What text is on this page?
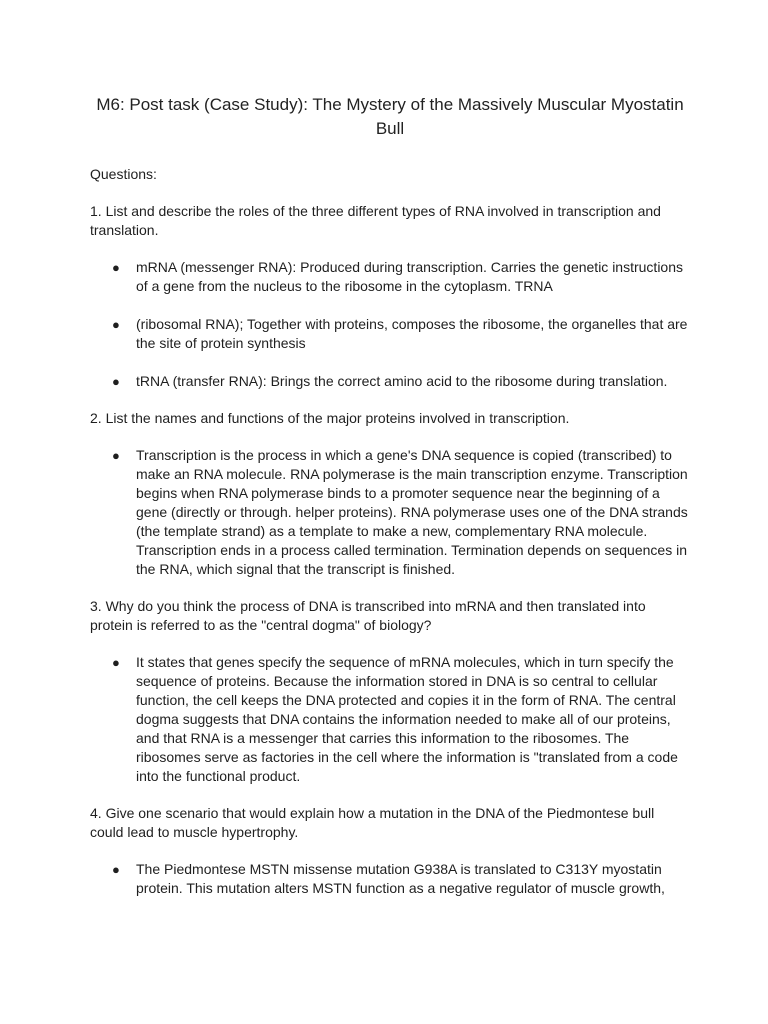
M6: Post task (Case Study): The Mystery of the Massively Muscular Myostatin Bull

Questions:

1. List and describe the roles of the three different types of RNA involved in transcription and translation.

● mRNA (messenger RNA): Produced during transcription. Carries the genetic instructions of a gene from the nucleus to the ribosome in the cytoplasm. TRNA
● (ribosomal RNA); Together with proteins, composes the ribosome, the organelles that are the site of protein synthesis
● tRNA (transfer RNA): Brings the correct amino acid to the ribosome during translation.

2. List the names and functions of the major proteins involved in transcription.

● Transcription is the process in which a gene's DNA sequence is copied (transcribed) to make an RNA molecule. RNA polymerase is the main transcription enzyme. Transcription begins when RNA polymerase binds to a promoter sequence near the beginning of a gene (directly or through. helper proteins). RNA polymerase uses one of the DNA strands (the template strand) as a template to make a new, complementary RNA molecule. Transcription ends in a process called termination. Termination depends on sequences in the RNA, which signal that the transcript is finished.

3. Why do you think the process of DNA is transcribed into mRNA and then translated into protein is referred to as the "central dogma" of biology?

● It states that genes specify the sequence of mRNA molecules, which in turn specify the sequence of proteins. Because the information stored in DNA is so central to cellular function, the cell keeps the DNA protected and copies it in the form of RNA. The central dogma suggests that DNA contains the information needed to make all of our proteins, and that RNA is a messenger that carries this information to the ribosomes. The ribosomes serve as factories in the cell where the information is "translated from a code into the functional product.

4. Give one scenario that would explain how a mutation in the DNA of the Piedmontese bull could lead to muscle hypertrophy.

● The Piedmontese MSTN missense mutation G938A is translated to C313Y myostatin protein. This mutation alters MSTN function as a negative regulator of muscle growth,
